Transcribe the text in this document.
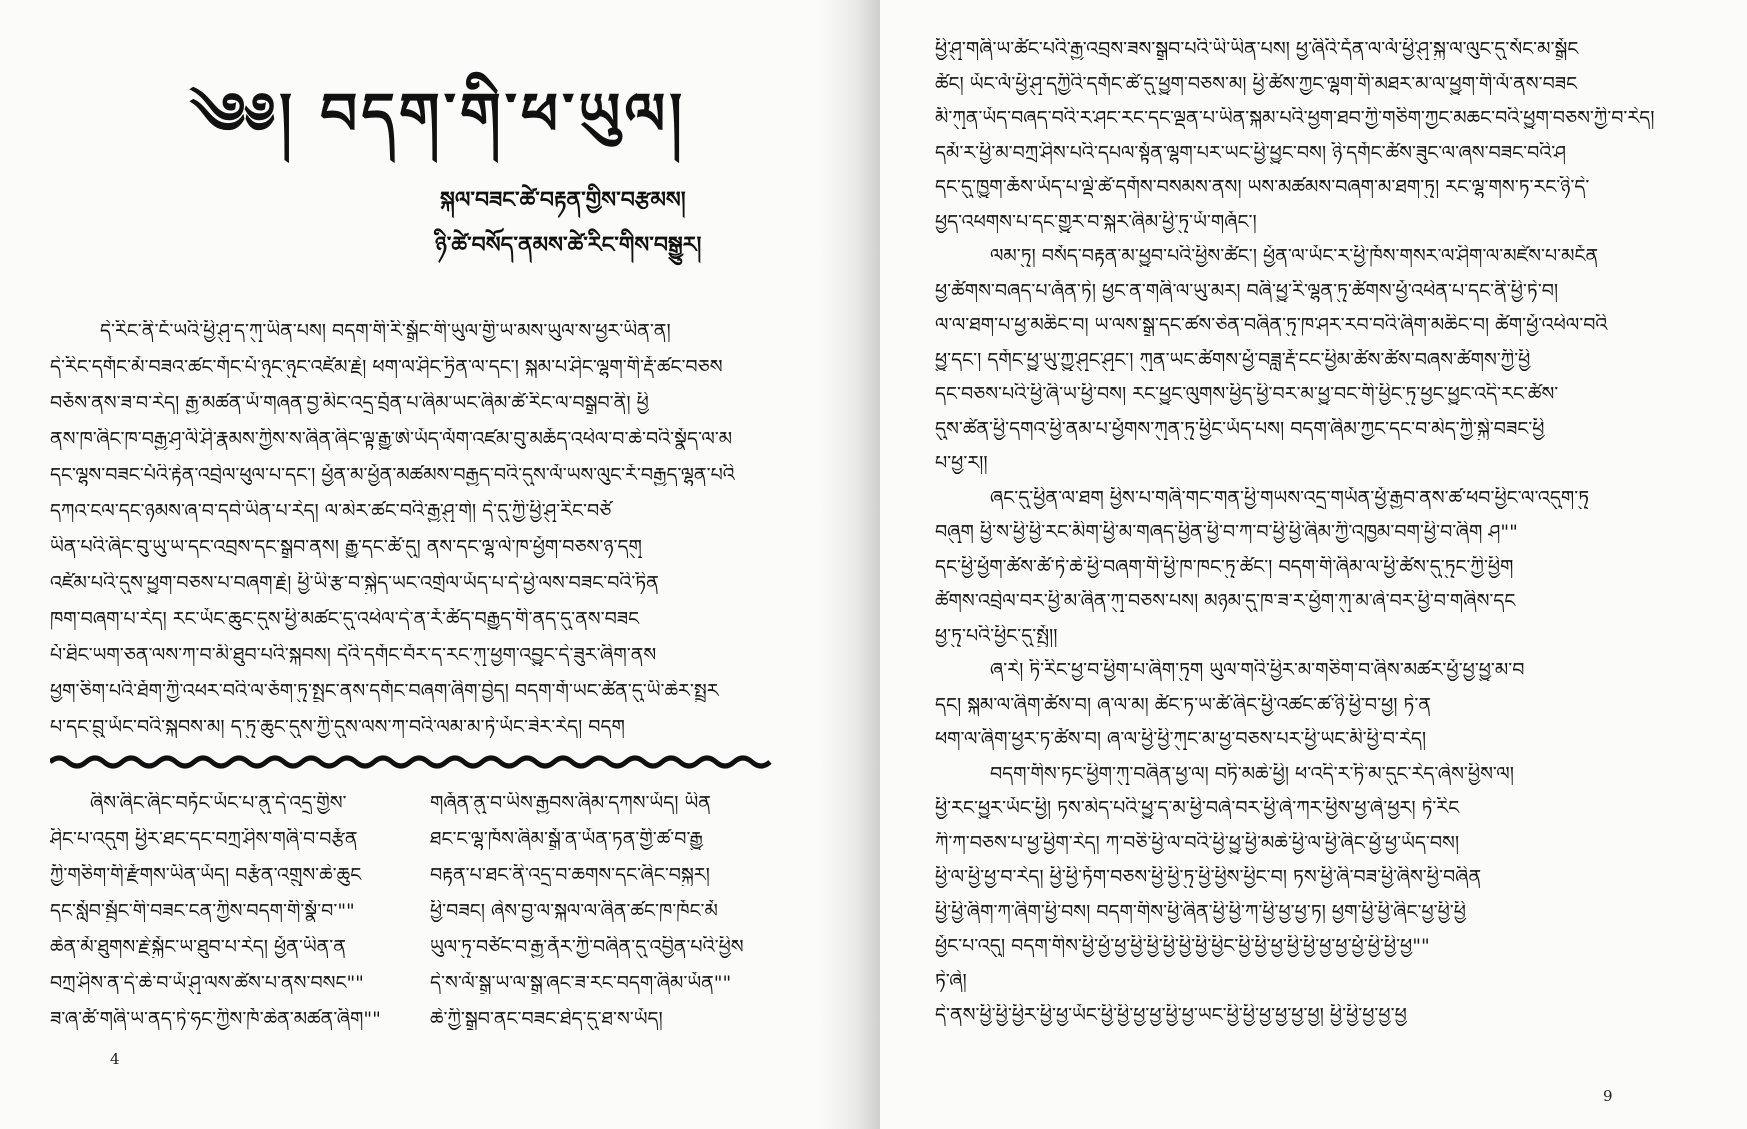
༄༅། བདག་གི་ཕ་ཡུལ།
སྐལ་བཟང་ཚེ་བརྟན་གྱིས་བརྩམས།
ཉི་ཚེ་བསོད་ནམས་ཚེ་རིང་གིས་བསྒྱུར།
དེ་རིང་ནི་ངོ་ཡའི་ཕྱི་ཤུ་ད་ཀུ་ཡིན་པས། བདག་གི་རི་སྒྲོང་གི་ཡུལ་གྱི་ཡ་མས་ཡུལ་ས་ཕྱར་ཡིན་ན།
དེ་རིང་དགོང་མོ་བཟའ་ཚང་གོང་པོ་ཉུང་ཉུང་འཛོམ་རྗེ། ཕག་ལ་ཤིང་ཏྲིན་ལ་དང་། སྐམ་པ་ཤིང་ལྷག་གི་རྡོ་ཚང་བཅས
བཅོས་ནས་ཟ་བ་རེད། རྒྱ་མཚན་ཡོ་གཞན་བྱ་མིང་འདྲ་བྲོན་པ་ཞིམ་ཡང་ཞིམ་ཚེ་རིང་ལ་བསྒྲུབ་ནི། ཕྱི
ནས་ཁ་ཞིང་ཁ་བརྒྱ་ཤྭ་ལི་ཤི་རྣམས་ཀྱིས་ས་ཞིན་ཞིང་ལྟ་རྒྱུ་ཨེ་ཡོད་ལོག་འཛམ་བུ་མཆོད་འཕེལ་བ་ཆེ་བའི་སྣོད་ལ་མ
དང་ལྷས་བཟང་པོའི་རྟེན་འབྲེལ་ཕུལ་པ་དང་། ཕྱོན་མ་ཕྱོན་མཚམས་བརྒྱད་བའི་དུས་ལོ་ཡས་ལུང་རོ་བརྒྱད་ལྷན་པའི
དཀའ་ངལ་དང་ཉམས་ཞ་བ་དབེ་ཡིན་པ་རེད། ལ་མེར་ཚང་བའི་རྒྱ་ཤུ་གེ། དེ་དུ་ཀྱི་ཕྱི་ཤུ་རིང་བཙོ
ཡིན་པའི་ཞིང་བུ་ཡུ་ཡ་དང་འབྲས་དང་སྒྲུབ་ནས། རྒྱུ་དང་ཚོ་དུ། ནས་དང་ལྷ་ལེ་ཁ་ཕྱོག་བཅས་ཉ་དགུ
འཛོམ་པའི་དུས་ཕྱུག་བཅས་པ་བཞག་རྗེ། ཕྱི་ཡི་རྩ་བ་སྐྱེད་ཡང་འགྲེལ་ཡོད་པ་དེ་ཕྱེ་ལས་བཟང་བའི་ཏིན
ཁག་བཞག་པ་རེད། རང་ཡོང་ཆུང་དུས་ཕྱི་མཚང་དུ་འཕེལ་དེ་ན་རོ་ཚོད་བརྒྱུད་གི་ནད་དུ་ནས་བཟང
པོ་ཐིང་ཡག་ཅན་ལས་ཀ་བ་མི་ཐུབ་པའི་སྐབས། དེའི་དགོང་བོར་ད་རང་ཀུ་ཕྱག་འབྱུང་དེ་ཟུར་ཞིག་ནས
ཕྱག་ཅིག་པའི་ཐོག་ཀྱི་འཕར་བའི་ལ་ཅོག་ཏུ་སྤྲང་ནས་དགོང་བཞག་ཞིག་བྱེད། བདག་གོ་ཡང་ཚོན་དུ་ཡི་ཆེར་སྤྲུར
པ་དང་བྲུ་ཡོང་བའི་སྐབས་མ། ད་ཏུ་ཆུང་དུས་ཀྱི་དུས་ལས་ཀ་བའི་ལམ་མ་ཏེ་ཡོང་ཟེར་རེད། བདག
ཞིས་ཞིང་ཞིང་བཏོང་ཡོང་པ་ནུ་དེ་འདྲ་གྱིས་
ཤིང་པ་འདུག ཕྱིར་ཐང་དང་བཀྲ་ཤིས་གཞི་བ་བརྩོན
ཀྱི་གཅིག་གི་རྫོགས་ཡིན་ཡོད། བརྩོན་འགྲུས་ཆེ་ཆུང
དང་སློབ་སྦྱོང་གི་བཟང་ངན་ཀྱིས་བདག་གི་སྣྲོ་བ་""
ཆེན་མོ་ཐུགས་རྗེ་སྐྱོང་ཡ་ཐུབ་པ་རེད། ཕྱོན་ཡིན་ན
བཀྲ་ཤིས་ན་དེ་ཆེ་བ་ཡོ་ཤུ་ལས་ཚེས་པ་ནས་བསང""
ཟ་ཞ་ཚོ་གཞི་ཡ་ནད་ཏེ་ཧང་ཀྱིས་ཁོ་ཆེན་མཚན་ཞིག""
གཞོན་ནུ་བ་ཡིས་རྒྱབས་ཞིམ་དཀས་ཡོད། ཡིན
ཐང་ང་ལྷ་ཁོས་ཞིམ་སྒྲོ་ན་ཡོན་ཏན་གྱི་ཚ་བ་རྒྱུ
བརྟན་པ་ཐང་ནི་འདྲ་བ་ཆགས་དང་ཞིང་བསྐྱར།
ཕྱི་བཟང། ཞེས་བྱ་ལ་སྐལ་ལ་ཞིན་ཚང་ཁ་ཁོང་མོ
ཡུལ་ཏུ་བཙོང་བ་རྒྱ་ནོར་ཀྱི་བཞིན་དུ་འབྱིན་པའི་ཕྱིས
དེ་ས་ལོ་སྒྲ་ཡ་ལ་སྒྲ་ཞང་ཟ་རང་བདག་ཞིམ་ཡོན""
ཆེ་ཀྱི་སྒྲུབ་ནང་བཟང་ཐེད་དུ་ཐ་ས་ཡོད།
4
ཕྱི་ཤུ་གཞི་ཡ་ཚོང་པའི་རྒྱ་འབྲས་ཟས་སྒྲུབ་པའི་ཡི་ཡིན་པས། ཕྱ་ཞིའི་དོན་ལ་ལོ་ཕྱི་ཤུ་སྐྱ་ལ་ལུང་དུ་སོང་མ་སྒྲོང
ཚོང། ཡོང་ལོ་ཕྱི་ཤུ་དཀྱིའི་དགོང་ཚེ་དུ་ཕྱུག་བཅས་མ། ཕྱི་ཚོས་ཀྱང་ལྷག་གི་མཐར་མ་ལ་ཕྱུག་གི་ལོ་ནས་བཟང
མི་ཀུན་ཡོད་བཞད་བའི་ར་ཤང་རང་དང་ལྡན་པ་ཡིན་སྐམ་པའི་ཕྱག་ཐབ་ཀྱི་གཅིག་ཀྱང་མཆང་བའི་ཕྱུག་བཅས་ཀྱི་བ་རེད།
དམོ་ར་ཕྱི་མ་བཀྲ་ཤིས་པའི་དཔལ་སྟོན་ལྷག་པར་ཡང་ཕྱི་ཕྱུང་བས། ཉི་དགོང་ཚོས་ཟུང་ལ་ཞས་བཟང་བའི་ཤ
དང་དུ་ཁྱུག་ཆོས་ཡོད་པ་ལྡེ་ཚེ་དགོས་བསམས་ནས། ཡས་མཚམས་བཞག་མ་ཐག་ཏུ། རང་ལྷ་གས་ཏ་རང་ཉི་དེ་
ཕྱད་འཕགས་པ་དང་གྱུར་བ་སྐར་ཞིམ་ཕྱི་ཏུ་ཡོ་གཞོང་།
ལམ་ཏུ། བསོད་བརྟན་མ་ཕྱུབ་པའི་ཕྱིས་ཚོང་། ཕྱོན་ལ་ཡོང་ར་ཕྱི་ཁོས་གསར་ལ་ཤིག་ལ་མཛེས་པ་མངོན
ཕྱ་ཚོགས་བཞད་པ་ཞོན་ཏེ། ཕྱང་ན་གཞི་ལ་ཡུ་མར། བཞི་ཕྱུ་རི་ལྷན་ཏུ་ཚོགས་ཕྱོ་འཕེན་པ་དང་ནི་ཕྱི་ཏེ་བ།
ལ་ལ་ཐག་པ་ཕྱ་མཆིང་བ། ཡ་ལས་སྒྲུ་དང་ཚས་ཅེན་བཞིན་ཏུ་ཁ་ཤར་རབ་བའི་ཞིག་མཆིང་བ། ཚོག་ཕྱོ་འཕེལ་བའི
ཕྱུ་དང་། དགོང་ཕྱུ་ཡུ་ཀྱུ་ཤུང་ཤུང་། ཀུན་ཡང་ཚོགས་ཕྱོ་བཟླ་རྡོ་ངང་ཕྱིམ་ཚོས་ཚོས་བཞས་ཚོགས་ཀྱི་ཕྱི
དང་བཅས་པའི་ཕྱི་ཞི་ཡ་ཕྱི་བས། རང་ཕྱུང་ལུགས་ཕྱིད་ཕྱི་བར་མ་ཕྱུ་བང་གི་ཕྱིང་ཏུ་ཕྱང་ཕྱུང་འདི་རང་ཚོས་
དུས་ཚེན་ཕྱི་དགའ་ཕྱི་ནམ་པ་ཕྱོགས་ཀུན་ཏུ་ཕྱིང་ཡོད་པས། བདག་ཞིམ་ཀྱང་དང་བ་མེད་ཀྱི་སྐྱེ་བཟང་ཕྱི
པ་ཕྱ་ར།།
ཞང་དུ་ཕྱིན་ལ་ཐག ཕྱིས་པ་གཞི་གང་གན་ཕྱི་གཡས་འདྲ་གཡོན་ཕྱོ་རྒྱབ་ནས་ཚ་ཕབ་ཕྱིང་ལ་འདུག་ཏུ
བཞུག ཕྱི་ས་ཕྱི་ཕྱི་རང་མིག་ཕྱི་མ་གཞད་ཕྱིན་ཕྱི་བ་ཀ་བ་ཕྱི་ཕྱི་ཞིམ་ཀྱི་འཁྱམ་བག་ཕྱི་བ་ཞིག ཤ""
དང་ཕྱི་ཕྱོག་ཚོས་ཚོ་ཏེ་ཆེ་ཕྱི་བཞག་གི་ཕྱི་ཁ་ཁང་ཏུ་ཚོང་། བདག་གི་ཞིམ་ལ་ཕྱི་ཚོས་དུ་ཏུང་ཀྱི་ཕྱིག
ཚོགས་འབྲེལ་བར་ཕྱི་མ་ཞིན་ཀུ་བཅས་པས། མཉམ་དུ་ཁ་ཟ་ར་ཕྱོག་ཀུ་མ་ཞེ་བར་ཕྱི་བ་གཞིས་དང
ཕྱ་ཏུ་པའི་ཕྱིང་དུ་སྤྱོ།།
ཞ་རེ། ཏི་རིང་ཕྱ་བ་ཕྱིག་པ་ཞིག་ཏུག ཡུལ་གའི་ཕྱིར་མ་གཅིག་བ་ཞིས་མཚར་ཕྱོ་ཕྱ་ཕྱུ་མ་བ
དང། སྐམ་ལ་ཞིག་ཚོས་བ། ཞ་ལ་མ། ཚོང་ཏ་ཡ་ཚོ་ཞིང་ཕྱི་འཚང་ཚ་ཉི་ཕྱི་བ་ཕྱ། ཏེ་ན
ཕག་ལ་ཞིག་ཕྱར་ཏ་ཚོས་བ། ཞ་ལ་ཕྱི་ཕྱི་ཀུང་མ་ཕྱ་བཅས་པར་ཕྱི་ཡང་མི་ཕྱི་བ་རེད།
བདག་གིས་ཏང་ཕྱིག་ཀུ་བཞིན་ཕྱ་ལ། བཏི་མཆེ་ཕྱི། ཕ་འདི་ར་ཏི་མ་དུང་རེད་ཞེས་ཕྱིས་ལ།
ཕྱི་རང་ཕྱུར་ཡོང་ཕྱི། ཏས་མེད་པའི་ཕྱུ་ད་མ་ཕྱི་བཞེ་བར་ཕྱི་ཞེ་ཀར་ཕྱིས་ཕྱ་ཞེ་ཕྱར། ཏེ་རིང
ཀི་ཀ་བཅས་པ་ཕྱ་ཕྱིག་རེད། ཀ་བཅི་ཕྱི་ལ་བའི་ཕྱི་ཕྱུ་ཕྱི་མཆེ་ཕྱི་ལ་ཕྱི་ཞིང་ཕྱོ་ཕྱ་ཡོད་བས།
ཕྱི་ལ་ཕྱི་ཕྱ་བ་རེད། ཕྱི་ཕྱི་ཏོག་བཅས་ཕྱི་ཕྱི་ཏུ་ཕྱི་ཕྱིས་ཕྱིང་བ། ཏས་ཕྱི་ཞི་བཟ་ཕྱི་ཞིས་ཕྱི་བཞིན
ཕྱི་ཕྱི་ཞིག་ཀ་ཞིག་ཕྱི་བས། བདག་གིས་ཕྱི་ཞིན་ཕྱི་ཕྱི་ཀ་ཕྱི་ཕྱ་ཕྱ་ཏ། ཕྱག་ཕྱི་ཕྱི་ཞིང་ཕྱ་ཕྱི་ཕྱི
ཕྱོང་པ་འདུ། བདག་གིས་ཕྱི་ཕྱོ་ཕྱ་ཕྱི་ཕྱི་ཕྱི་ཕྱི་ཕྱི་ཕྱིང་ཕྱི་ཕྱི་ཕྱ་ཕྱི་ཕྱི་ཕྱ་ཕྱ་ཕྱོ་ཕྱི་ཕྱི་ཕྱ""
ཏེ་ཞེ།
དེ་ནས་ཕྱི་ཕྱི་ཕྱིར་ཕྱི་ཕྱ་ཡོང་ཕྱི་ཕྱི་ཕྱ་ཕྱ་ཕྱི་ཕྱ་ཡང་ཕྱི་ཕྱི་ཕྱ་ཕྱ་ཕྱ་ཕྱ། ཕྱི་ཕྱི་ཕྱ་ཕྱ་ཕྱ
9
